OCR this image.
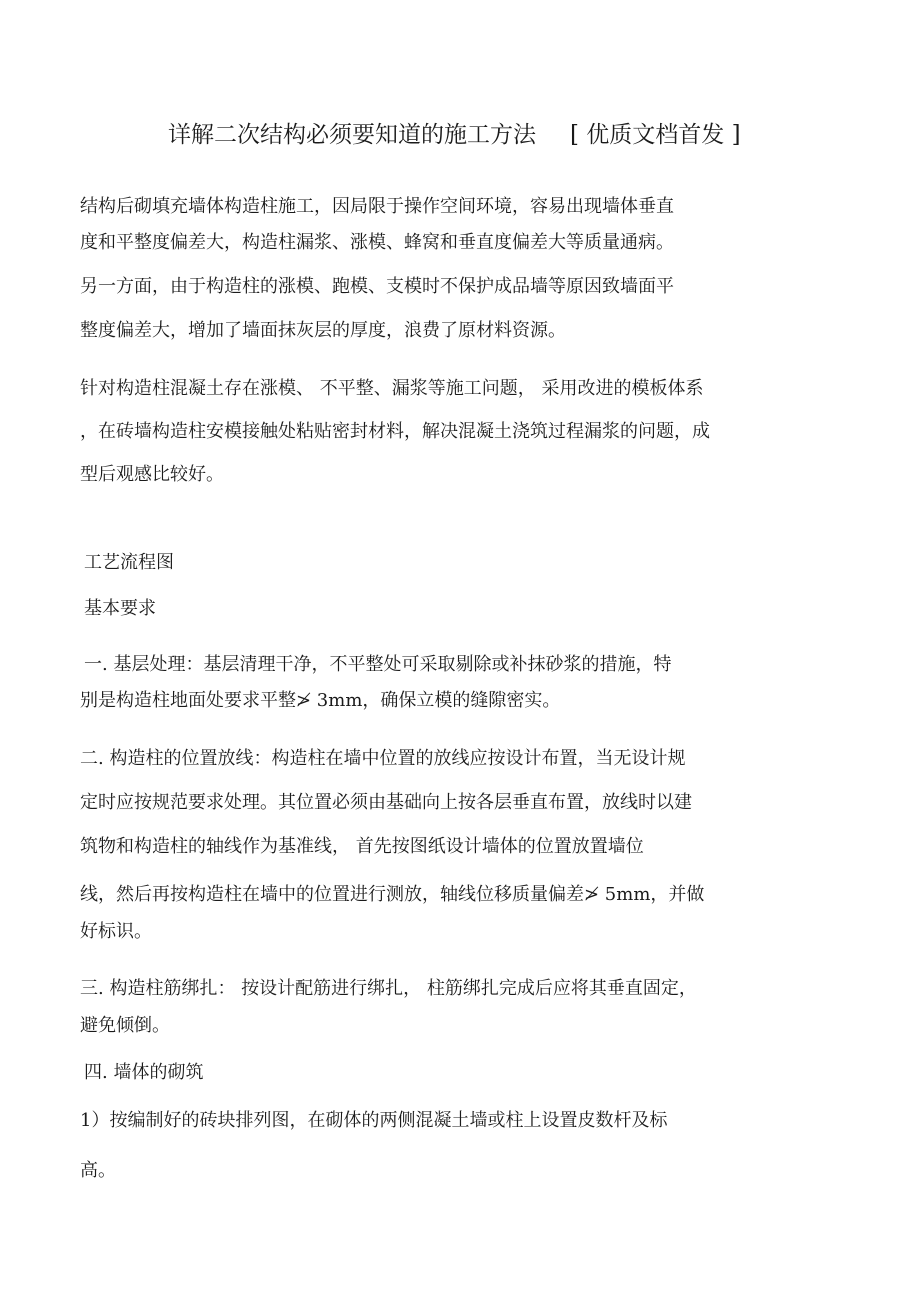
详解二次结构必须要知道的施工方法 [ 优质文档首发 ]
结构后砌填充墙体构造柱施工，因局限于操作空间环境，容易出现墙体垂直
度和平整度偏差大，构造柱漏浆、涨模、蜂窝和垂直度偏差大等质量通病。
另一方面，由于构造柱的涨模、跑模、支模时不保护成品墙等原因致墙面平
整度偏差大，增加了墙面抹灰层的厚度，浪费了原材料资源。
针对构造柱混凝土存在涨模、 不平整、漏浆等施工问题， 采用改进的模板体系
，在砖墙构造柱安模接触处粘贴密封材料，解决混凝土浇筑过程漏浆的问题，成
型后观感比较好。
工艺流程图
基本要求
一. 基层处理：基层清理干净，不平整处可采取剔除或补抹砂浆的措施，特
别是构造柱地面处要求平整≯ 3mm，确保立模的缝隙密实。
二. 构造柱的位置放线：构造柱在墙中位置的放线应按设计布置，当无设计规
定时应按规范要求处理。其位置必须由基础向上按各层垂直布置，放线时以建
筑物和构造柱的轴线作为基准线， 首先按图纸设计墙体的位置放置墙位
线，然后再按构造柱在墙中的位置进行测放，轴线位移质量偏差≯ 5mm，并做
好标识。
三. 构造柱筋绑扎： 按设计配筋进行绑扎， 柱筋绑扎完成后应将其垂直固定，
避免倾倒。
四. 墙体的砌筑
1）按编制好的砖块排列图，在砌体的两侧混凝土墙或柱上设置皮数杆及标
高。
